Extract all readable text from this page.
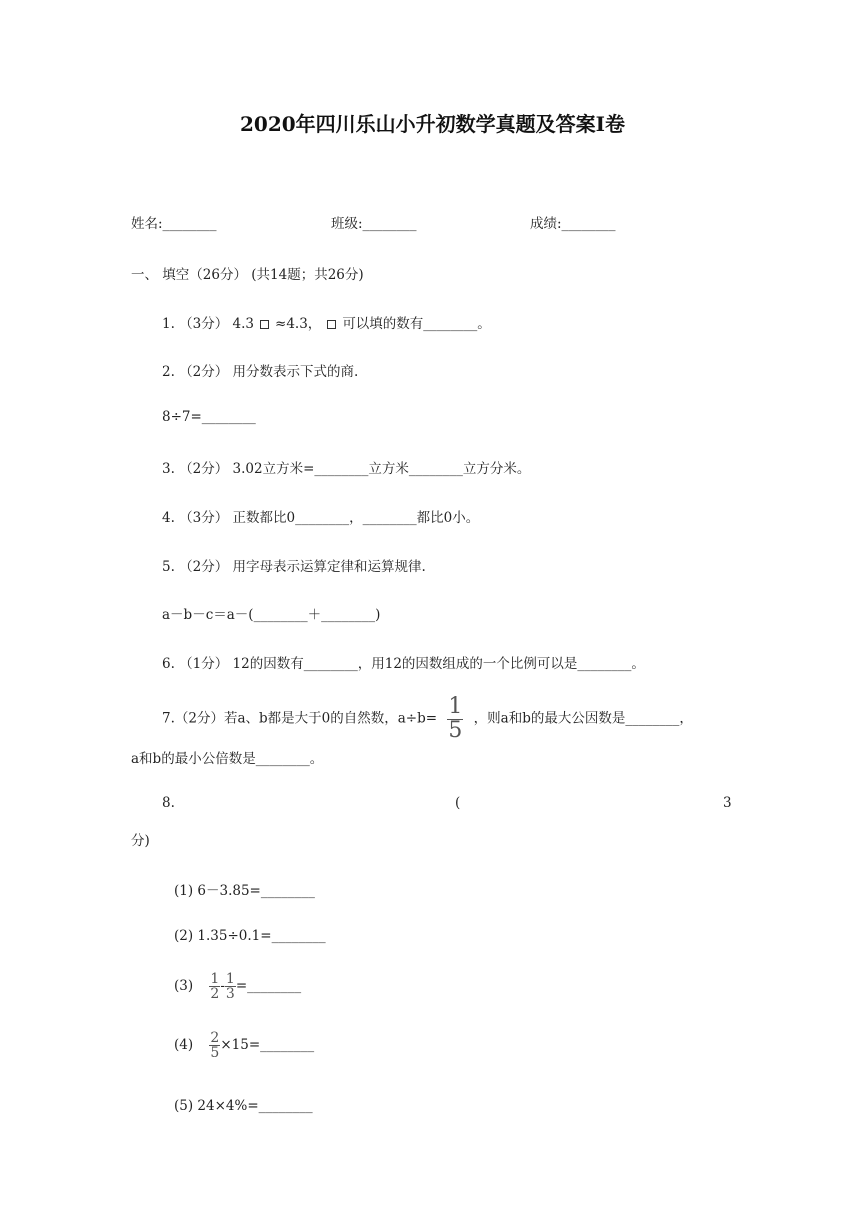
2020年四川乐山小升初数学真题及答案Ⅰ卷
姓名:________	班级:________	成绩:________
一、 填空（26分） (共14题；共26分)
1. （3分） 4.3 ≈4.3， 可以填的数有________。
2. （2分） 用分数表示下式的商.
8÷7=________
3. （2分） 3.02立方米=________立方米________立方分米。
4. （3分） 正数都比0________，________都比0小。
5. （2分） 用字母表示运算定律和运算规律.
a－b－c＝a－(________＋________)
6. （1分） 12的因数有________，用12的因数组成的一个比例可以是________。
7.（2分）若a、b都是大于0的自然数，$a\div b= \frac{1}{5}$ ，则a和b的最大公因数是________，
a和b的最小公倍数是________。
8.	(	3
分)
(1) 6－3.85=________
(2) 1.35÷0.1=________
$(3) \frac{1}{2} - \frac{1}{3}$ =________
$(4) \frac{2}{5}$ ×15=________
(5) 24×4%=________
